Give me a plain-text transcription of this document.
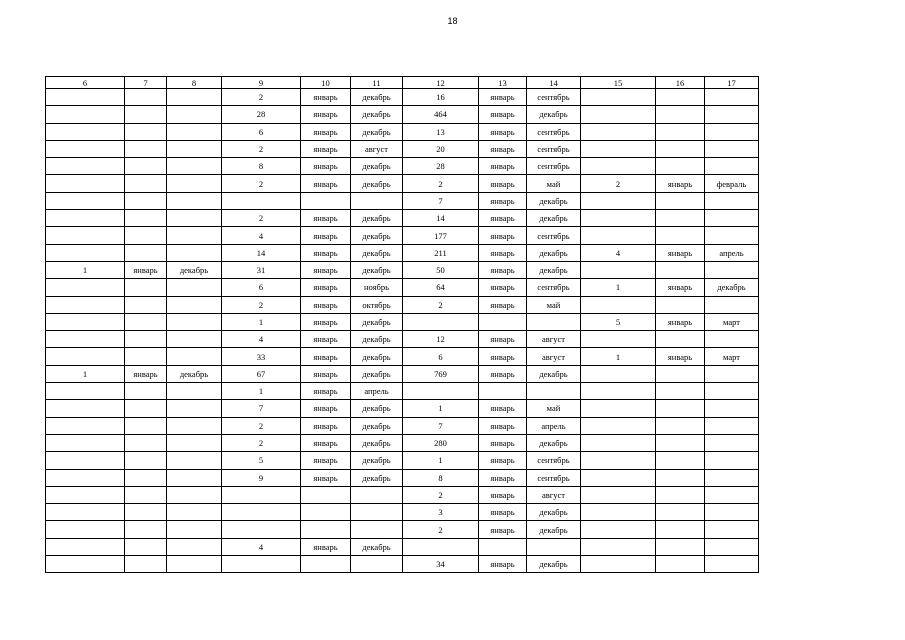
18
6	7	8	9	10	11	12	13	14	15	16	17
			2	январь	декабрь	16	январь	сентябрь			
			28	январь	декабрь	464	январь	декабрь			
			6	январь	декабрь	13	январь	сентябрь			
			2	январь	август	20	январь	сентябрь			
			8	январь	декабрь	28	январь	сентябрь			
			2	январь	декабрь	2	январь	май	2	январь	февраль
						7	январь	декабрь			
			2	январь	декабрь	14	январь	декабрь			
			4	январь	декабрь	177	январь	сентябрь			
			14	январь	декабрь	211	январь	декабрь	4	январь	апрель
1	январь	декабрь	31	январь	декабрь	50	январь	декабрь			
			6	январь	ноябрь	64	январь	сентябрь	1	январь	декабрь
			2	январь	октябрь	2	январь	май			
			1	январь	декабрь				5	январь	март
			4	январь	декабрь	12	январь	август			
			33	январь	декабрь	6	январь	август	1	январь	март
1	январь	декабрь	67	январь	декабрь	769	январь	декабрь			
			1	январь	апрель						
			7	январь	декабрь	1	январь	май			
			2	январь	декабрь	7	январь	апрель			
			2	январь	декабрь	280	январь	декабрь			
			5	январь	декабрь	1	январь	сентябрь			
			9	январь	декабрь	8	январь	сентябрь			
						2	январь	август			
						3	январь	декабрь			
						2	январь	декабрь			
			4	январь	декабрь						
						34	январь	декабрь			
